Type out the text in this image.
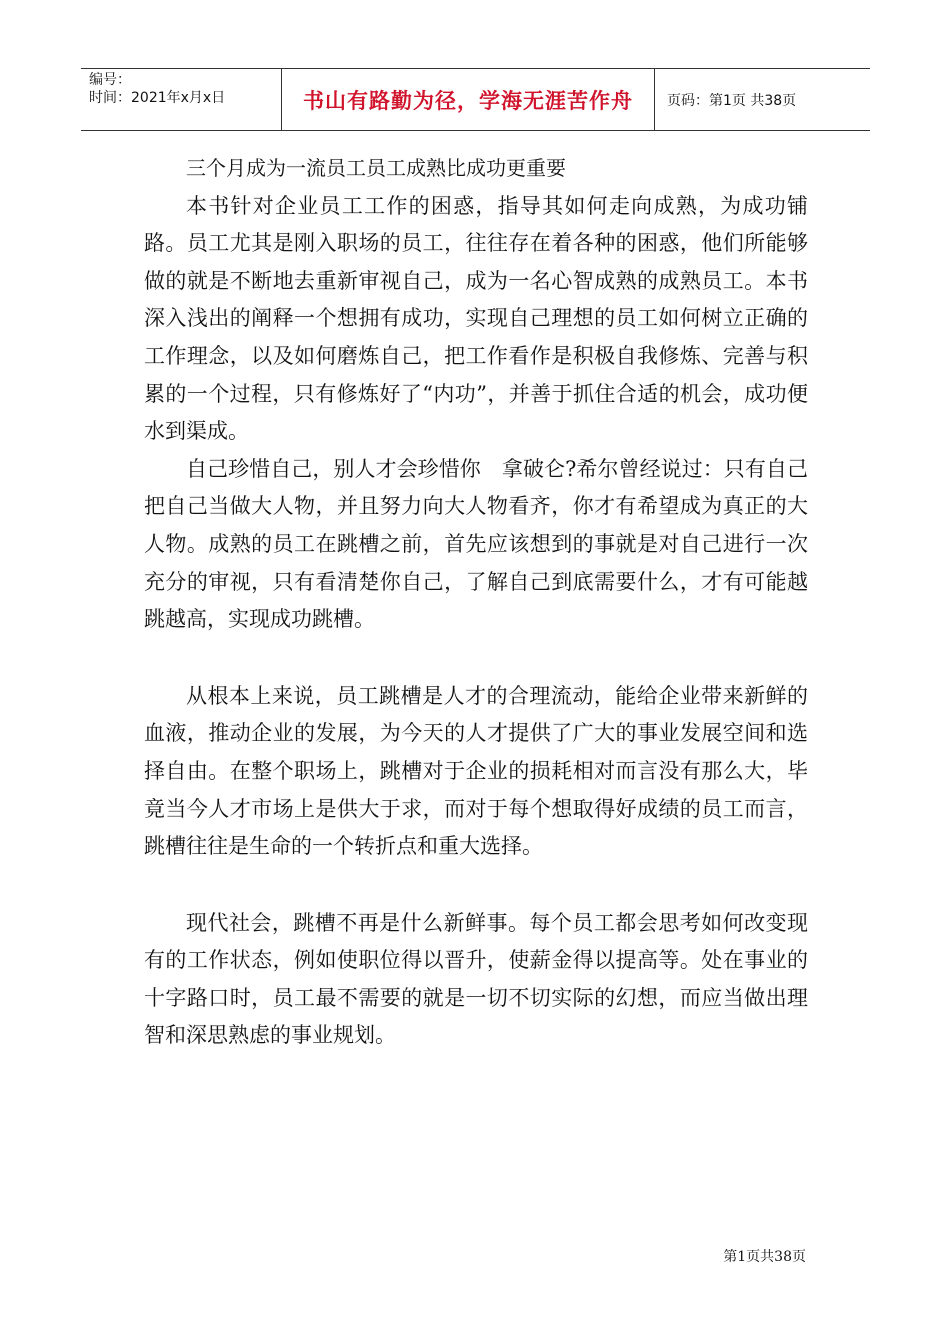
编号：
时间：2021年x月x日	书山有路勤为径，学海无涯苦作舟 页码：第1页 共38页

三个月成为一流员工员工成熟比成功更重要

本书针对企业员工工作的困惑，指导其如何走向成熟，为成功铺路。员工尤其是刚入职场的员工，往往存在着各种的困惑，他们所能够做的就是不断地去重新审视自己，成为一名心智成熟的成熟员工。本书深入浅出的阐释一个想拥有成功，实现自己理想的员工如何树立正确的工作理念，以及如何磨炼自己，把工作看作是积极自我修炼、完善与积累的一个过程，只有修炼好了“内功”，并善于抓住合适的机会，成功便水到渠成。

自己珍惜自己，别人才会珍惜你　拿破仑?希尔曾经说过：只有自己把自己当做大人物，并且努力向大人物看齐，你才有希望成为真正的大人物。成熟的员工在跳槽之前，首先应该想到的事就是对自己进行一次充分的审视，只有看清楚你自己，了解自己到底需要什么，才有可能越跳越高，实现成功跳槽。

从根本上来说，员工跳槽是人才的合理流动，能给企业带来新鲜的血液，推动企业的发展，为今天的人才提供了广大的事业发展空间和选择自由。在整个职场上，跳槽对于企业的损耗相对而言没有那么大，毕竟当今人才市场上是供大于求，而对于每个想取得好成绩的员工而言，跳槽往往是生命的一个转折点和重大选择。

现代社会，跳槽不再是什么新鲜事。每个员工都会思考如何改变现有的工作状态，例如使职位得以晋升，使薪金得以提高等。处在事业的十字路口时，员工最不需要的就是一切不切实际的幻想，而应当做出理智和深思熟虑的事业规划。

第1页共38页
